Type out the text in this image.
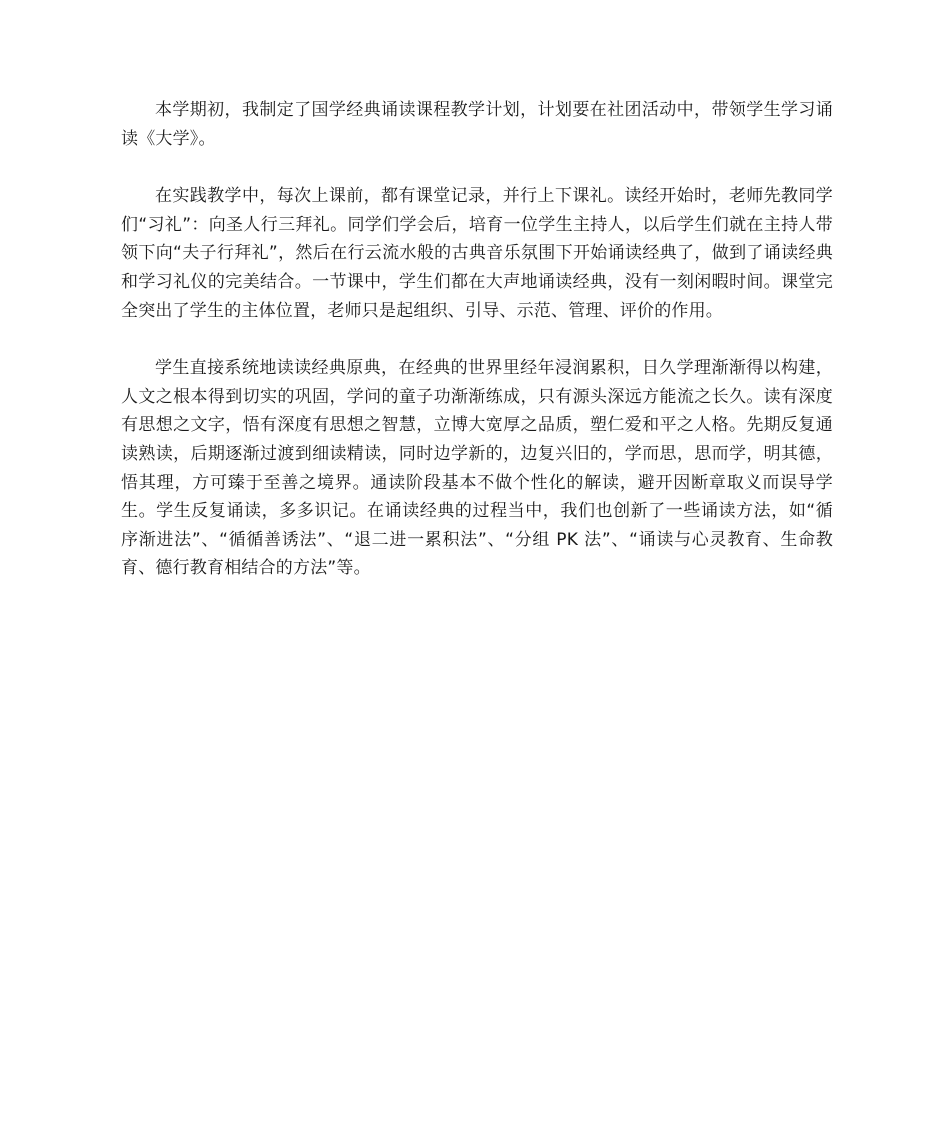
本学期初，我制定了国学经典诵读课程教学计划，计划要在社团活动中，带领学生学习诵读《大学》。

在实践教学中，每次上课前，都有课堂记录，并行上下课礼。读经开始时，老师先教同学们“习礼”：向圣人行三拜礼。同学们学会后，培育一位学生主持人，以后学生们就在主持人带领下向“夫子行拜礼”，然后在行云流水般的古典音乐氛围下开始诵读经典了，做到了诵读经典和学习礼仪的完美结合。一节课中，学生们都在大声地诵读经典，没有一刻闲暇时间。课堂完全突出了学生的主体位置，老师只是起组织、引导、示范、管理、评价的作用。

学生直接系统地读读经典原典，在经典的世界里经年浸润累积，日久学理渐渐得以构建，人文之根本得到切实的巩固，学问的童子功渐渐练成，只有源头深远方能流之长久。读有深度有思想之文字，悟有深度有思想之智慧，立博大宽厚之品质，塑仁爱和平之人格。先期反复通读熟读，后期逐渐过渡到细读精读，同时边学新的，边复兴旧的，学而思，思而学，明其德，悟其理，方可臻于至善之境界。通读阶段基本不做个性化的解读，避开因断章取义而误导学生。学生反复诵读，多多识记。在诵读经典的过程当中，我们也创新了一些诵读方法，如“循序渐进法”、“循循善诱法”、“退二进一累积法”、“分组 PK 法”、“诵读与心灵教育、生命教育、德行教育相结合的方法”等。
